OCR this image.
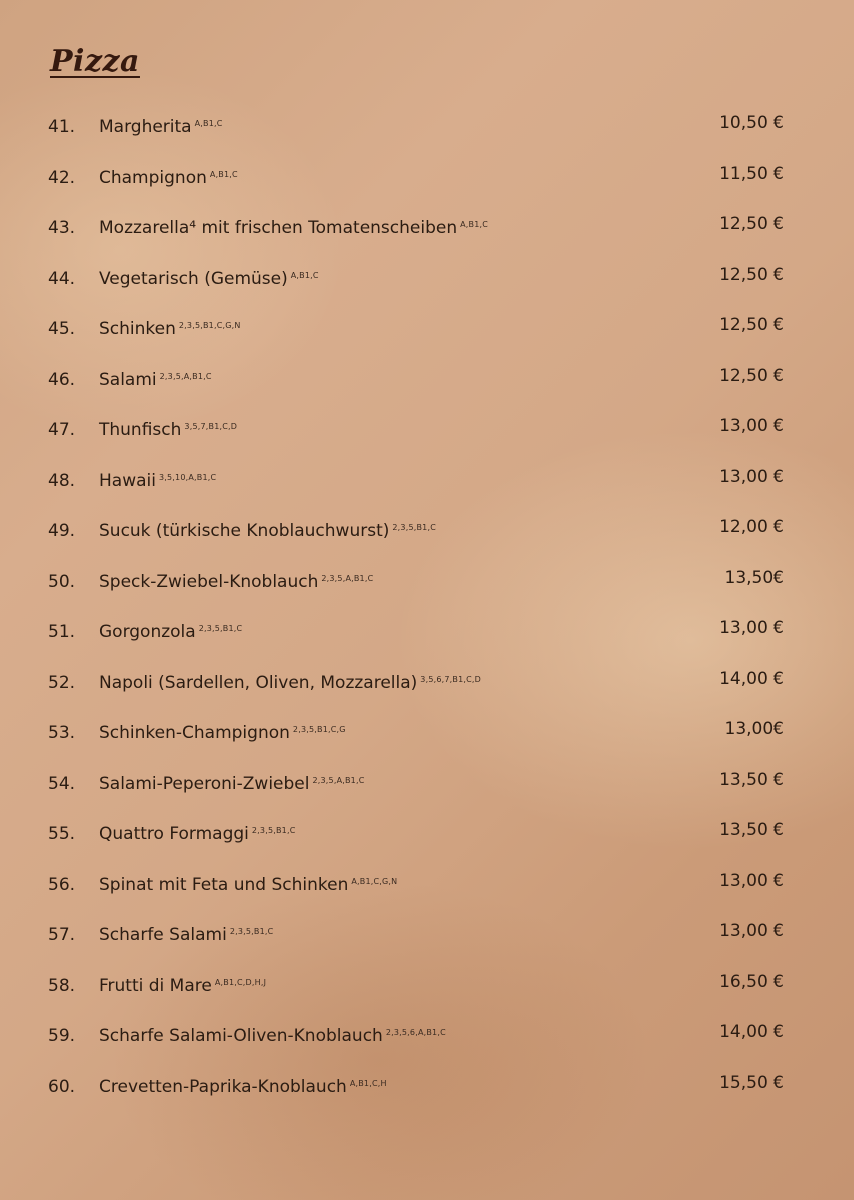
Pizza
41. Margherita $^{A,B1,C}$	10,50 €
42. Champignon $^{A,B1,C}$	11,50 €
43. Mozzarella⁴ mit frischen Tomatenscheiben $^{A,B1,C}$	12,50 €
44. Vegetarisch (Gemüse) $^{A,B1,C}$	12,50 €
45. Schinken $^{2,3,5,B1,C,G,N}$	12,50 €
46. Salami $^{2,3,5,A,B1,C}$	12,50 €
47. Thunfisch $^{3,5,7,B1,C,D}$	13,00 €
48. Hawaii $^{3,5,10,A,B1,C}$	13,00 €
49. Sucuk (türkische Knoblauchwurst) $^{2,3,5,B1,C}$	12,00 €
50. Speck-Zwiebel-Knoblauch $^{2,3,5,A,B1,C}$	13,50€
51. Gorgonzola $^{2,3,5,B1,C}$	13,00 €
52. Napoli (Sardellen, Oliven, Mozzarella) $^{3,5,6,7,B1,C,D}$	14,00 €
53. Schinken-Champignon $^{2,3,5,B1,C,G}$	13,00€
54. Salami-Peperoni-Zwiebel $^{2,3,5,A,B1,C}$	13,50 €
55. Quattro Formaggi $^{2,3,5,B1,C}$	13,50 €
56. Spinat mit Feta und Schinken $^{A,B1,C,G,N}$	13,00 €
57. Scharfe Salami $^{2,3,5,B1,C}$	13,00 €
58. Frutti di Mare $^{A,B1,C,D,H,J}$	16,50 €
59. Scharfe Salami-Oliven-Knoblauch $^{2,3,5,6,A,B1,C}$	14,00 €
60. Crevetten-Paprika-Knoblauch $^{A,B1,C,H}$	15,50 €
